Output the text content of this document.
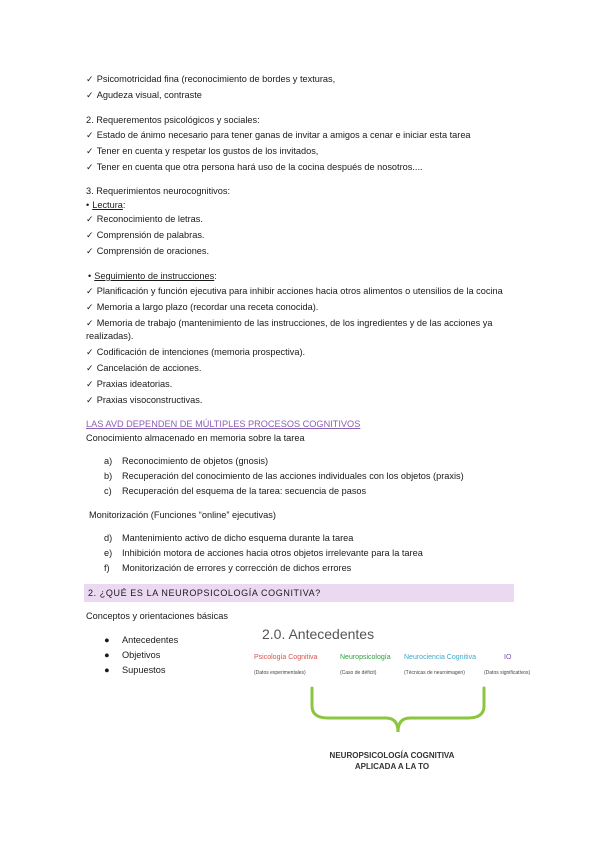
✓ Psicomotricidad fina (reconocimiento de bordes y texturas,
✓ Agudeza visual, contraste
2. Requerementos psicológicos y sociales:
✓ Estado de ánimo necesario para tener ganas de invitar a amigos a cenar e iniciar esta tarea
✓ Tener en cuenta y respetar los gustos de los invitados,
✓ Tener en cuenta que otra persona hará uso de la cocina después de nosotros....
3. Requerimientos neurocognitivos:
• Lectura:
✓ Reconocimiento de letras.
✓ Comprensión de palabras.
✓ Comprensión de oraciones.
• Seguimiento de instrucciones:
✓ Planificación y función ejecutiva para inhibir acciones hacia otros alimentos o utensilios de la cocina
✓ Memoria a largo plazo (recordar una receta conocida).
✓ Memoria de trabajo (mantenimiento de las instrucciones, de los ingredientes y de las acciones ya
realizadas).
✓ Codificación de intenciones (memoria prospectiva).
✓ Cancelación de acciones.
✓ Praxias ideatorias.
✓ Praxias visoconstructivas.
LAS AVD DEPENDEN DE MÚLTIPLES PROCESOS COGNITIVOS
Conocimiento almacenado en memoria sobre la tarea
a) Reconocimiento de objetos (gnosis)
b) Recuperación del conocimiento de las acciones individuales con los objetos (praxis)
c) Recuperación del esquema de la tarea: secuencia de pasos
Monitorización (Funciones “online” ejecutivas)
d) Mantenimiento activo de dicho esquema durante la tarea
e) Inhibición motora de acciones hacia otros objetos irrelevante para la tarea
f) Monitorización de errores y corrección de dichos errores
2. ¿QUÉ ES LA NEUROPSICOLOGÍA COGNITIVA?
Conceptos y orientaciones básicas
● Antecedentes
● Objetivos
● Supuestos
2.0. Antecedentes
Psicología Cognitiva	Neuropsicología Neurociencia Cognitiva	IO
(Datos experimentales)	(Caso de déficit)	(Técnicas de neuroimagen)	(Datos significativos)
NEUROPSICOLOGÍA COGNITIVA
APLICADA A LA TO
